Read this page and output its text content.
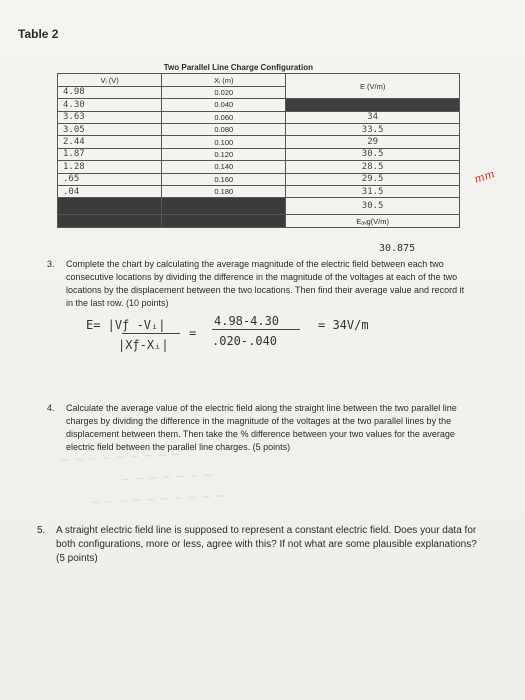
Table 2
	Two Parallel Line Charge Configuration	
Vᵢ (V)	Xᵢ (m)	E (V/m)
4.98	0.020	
4.30	0.040	
3.63	0.060	34
3.05	0.080	33.5
2.44	0.100	29
1.87	0.120	30.5
1.28	0.140	28.5
.65	0.160	29.5
.04	0.180	31.5
		30.5
		Eₐᵥg(V/m)
30.875
mm
3. Complete the chart by calculating the average magnitude of the electric field between each two consecutive locations by dividing the difference in the magnitude of the voltages at each of the two locations by the displacement between the two locations. Then find their average value and record it in the last row. (10 points)
E= |Vƒ -Vᵢ|
|Xƒ-Xᵢ|
=
4.98-4.30
.020-.040
= 34V/m
~ ~ ~ ~ ~ ~ ~ ~ ~
~ ~ ~ ~ ~ ~ ~
~ ~ ~ ~ ~ ~ ~ ~ ~ ~
4. Calculate the average value of the electric field along the straight line between the two parallel line charges by dividing the difference in the magnitude of the voltages at the two parallel lines by the displacement between them. Then take the % difference between your two values for the average electric field between the parallel line charges. (5 points)
5. A straight electric field line is supposed to represent a constant electric field. Does your data for both configurations, more or less, agree with this? If not what are some plausible explanations? (5 points)
